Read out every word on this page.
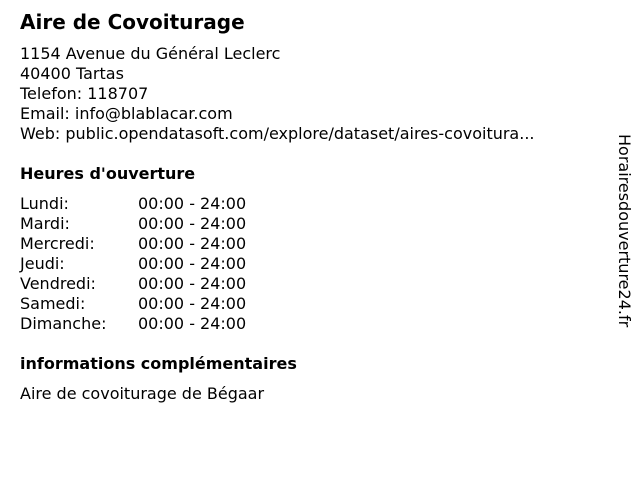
Aire de Covoiturage
1154 Avenue du Général Leclerc
40400 Tartas
Telefon: 118707
Email: info@blablacar.com
Web: public.opendatasoft.com/explore/dataset/aires-covoitura...
Heures d'ouverture
Lundi:	00:00 - 24:00
Mardi:	00:00 - 24:00
Mercredi:	00:00 - 24:00
Jeudi:	00:00 - 24:00
Vendredi:	00:00 - 24:00
Samedi:	00:00 - 24:00
Dimanche: 00:00 - 24:00
informations complémentaires
Aire de covoiturage de Bégaar
Horairesdouverture24.fr
